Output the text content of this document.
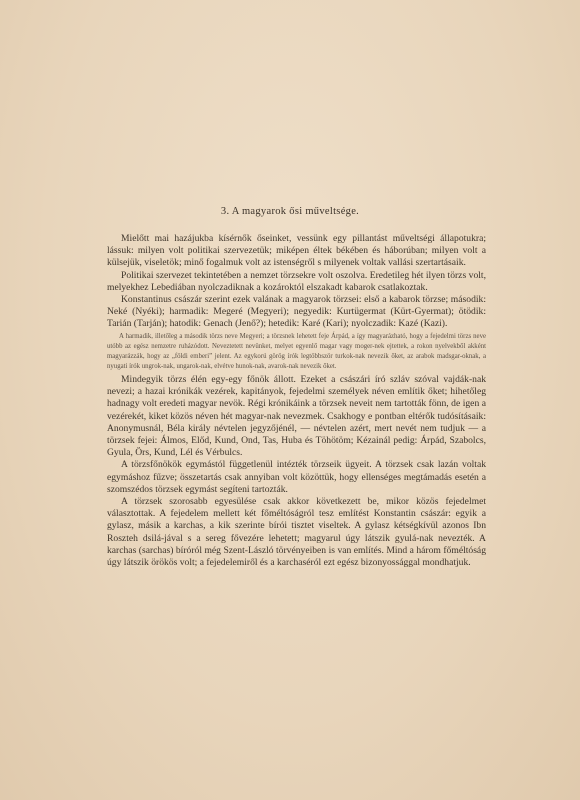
3. A magyarok ősi műveltsége.

Mielőtt mai hazájukba kísérnők őseinket, vessünk egy pillantást műveltségi állapotukra; lássuk: milyen volt politikai szervezetük; miképen éltek békében és háborúban; milyen volt a külsejük, viseletök; minő fogalmuk volt az istenségről s milyenek voltak vallási szertartásaik.

Politikai szervezet tekintetében a nemzet törzsekre volt oszolva. Eredetileg hét ilyen törzs volt, melyekhez Lebediában nyolczadiknak a kozároktól elszakadt kabarok csatlakoztak.

Konstantinus császár szerint ezek valának a magyarok törzsei: első a kabarok törzse; második: Neké (Nyéki); harmadik: Megeré (Megyeri); negyedik: Kurtügermat (Kürt-Gyermat); ötödik: Tarián (Tarján); hatodik: Genach (Jenő?); hetedik: Karé (Kari); nyolczadik: Kazé (Kazi).

A harmadik, illetőleg a második törzs neve Megyeri; a törzsnek lehetett feje Árpád, a így magyarázható, hogy a fejedelmi törzs neve utóbb az egész nemzetre ruházódott. Neveztetett nevünket, melyet egyenlő magar vagy moger-nek ejtettek, a rokon nyelvekből akként magyarázzák, hogy az „földi emberi” jelent. Az egykorú görög írók legtöbbször turkok-nak nevezik őket, az arabok madsgar-oknak, a nyugati írók ungrok-nak, ungarok-nak, elvétve hunok-nak, avarok-nak nevezik őket.

Mindegyik törzs élén egy-egy főnök állott. Ezeket a császári író szláv szóval vajdák-nak nevezi; a hazai krónikák vezérek, kapitányok, fejedelmi személyek néven említik őket; hihetőleg hadnagy volt eredeti magyar nevök. Régi krónikáink a törzsek neveit nem tartották fönn, de igen a vezérekét, kiket közös néven hét magyar-nak nevezmek. Csakhogy e pontban eltérők tudósításaik: Anonymusnál, Béla király névtelen jegyzőjénél, — névtelen azért, mert nevét nem tudjuk — a törzsek fejei: Álmos, Előd, Kund, Ond, Tas, Huba és Töhötöm; Kézainál pedig: Árpád, Szabolcs, Gyula, Örs, Kund, Lél és Vérbulcs.

A törzsfőnökök egymástól függetlenül intézték törzseik ügyeit. A törzsek csak lazán voltak egymáshoz fűzve; összetartás csak annyiban volt közöttük, hogy ellenséges megtámadás esetén a szomszédos törzsek egymást segíteni tartozták.

A törzsek szorosabb egyesülése csak akkor következett be, mikor közös fejedelmet választottak. A fejedelem mellett két főméltóságról tesz említést Konstantin császár: egyik a gylasz, másik a karchas, a kik szerinte bírói tisztet viseltek. A gylasz kétségkívül azonos Ibn Roszteh dsilá-jával s a sereg fővezére lehetett; magyarul úgy látszik gyulá-nak nevezték. A karchas (sarchas) bíróról még Szent-László törvényeiben is van említés. Mind a három főméltóság úgy látszik örökös volt; a fejedelemiről és a karchaséról ezt egész bizonyossággal mondhatjuk.
